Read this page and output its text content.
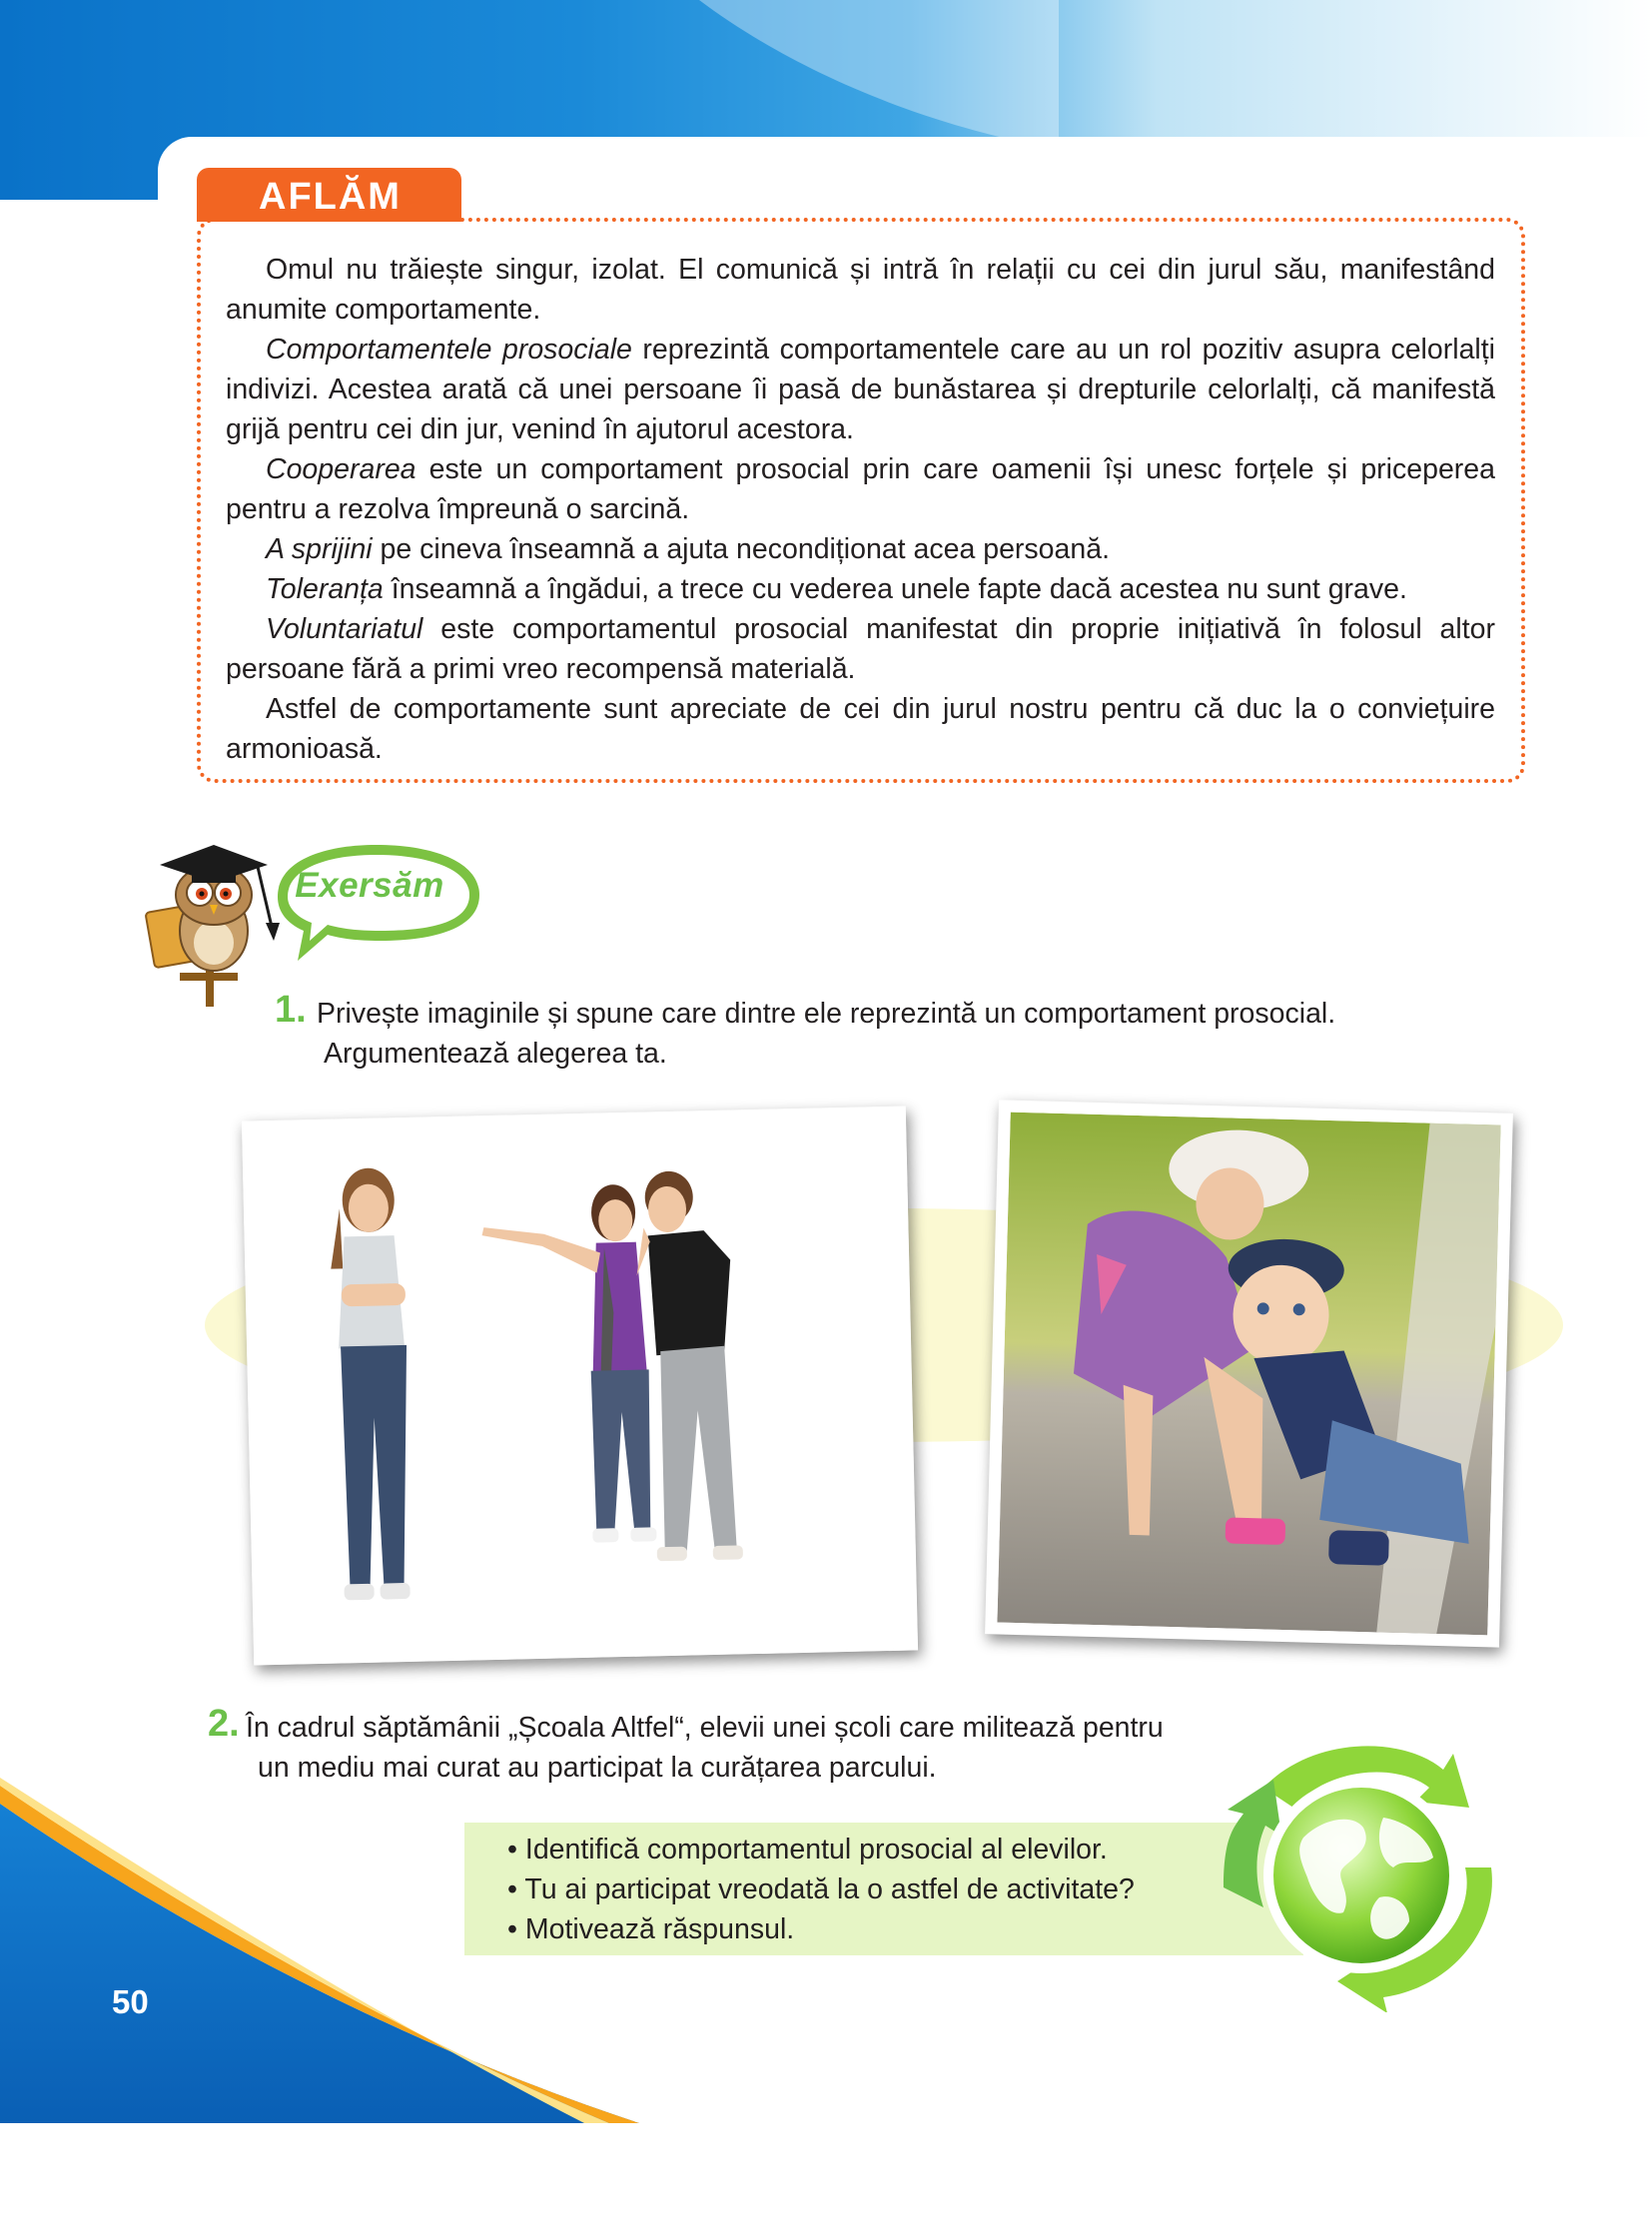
Omul nu trăiește singur, izolat. El comunică și intră în relații cu cei din jurul său, manifestând anumite comportamente.

Comportamentele prosociale reprezintă comportamentele care au un rol pozitiv asupra celorlalți indivizi. Acestea arată că unei persoane îi pasă de bunăstarea și drepturile celorlalți, că manifestă grijă pentru cei din jur, venind în ajutorul acestora.

Cooperarea este un comportament prosocial prin care oamenii își unesc forțele și priceperea pentru a rezolva împreună o sarcină.

A sprijini pe cineva înseamnă a ajuta necondiționat acea persoană.

Toleranța înseamnă a îngădui, a trece cu vederea unele fapte dacă acestea nu sunt grave.

Voluntariatul este comportamentul prosocial manifestat din proprie inițiativă în folosul altor persoane fără a primi vreo recompensă materială.

Astfel de comportamente sunt apreciate de cei din jurul nostru pentru că duc la o conviețuire armonioasă.

AFLĂM
Exersăm
1. Privește imaginile și spune care dintre ele reprezintă un comportament prosocial.
Argumentează alegerea ta.
2. În cadrul săptămânii „Școala Altfel“, elevii unei școli care militează pentru
un mediu mai curat au participat la curățarea parcului.
• Identifică comportamentul prosocial al elevilor.
• Tu ai participat vreodată la o astfel de activitate?
• Motivează răspunsul.
50
